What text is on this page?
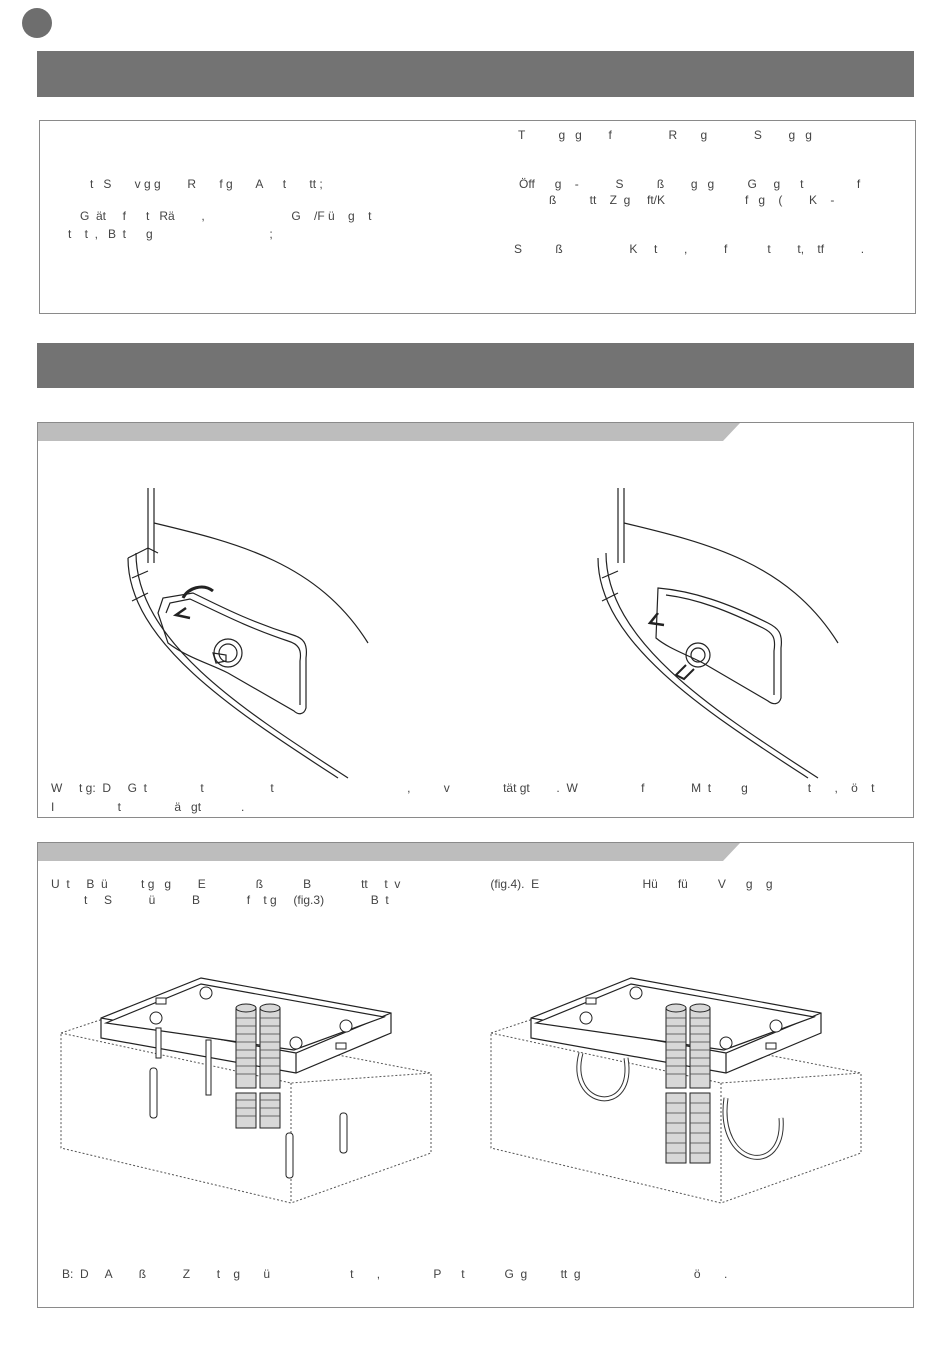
t   S       v g g        R       f g       A      t       tt ;
G  ät     f      t   Rä        ,                          G    /F ü    g    t
t    t  ,   B  t      g                                   ;
T          g   g        f                 R       g              S        g   g
Öff      g    -           S          ß        g   g          G     g      t                f
ß          tt    Z  g     ft/K                        f   g    (        K    -
S          ß                    K     t        ,           f            t        t,    tf           .
W     t g:  D     G  t                t                    t                                        ,          v                tät gt        .  W                   f              M  t         g                  t       ,    ö    t
I                   t                ä   gt            .
U  t     B  ü          t g   g        E               ß            B               tt     t  v                           (fig.4).  E                               Hü      fü         V      g    g
t     S           ü           B              f    t g     (fig.3)              B  t
B:  D     A        ß           Z        t    g       ü                        t       ,                P      t            G  g          tt  g                                  ö       .
